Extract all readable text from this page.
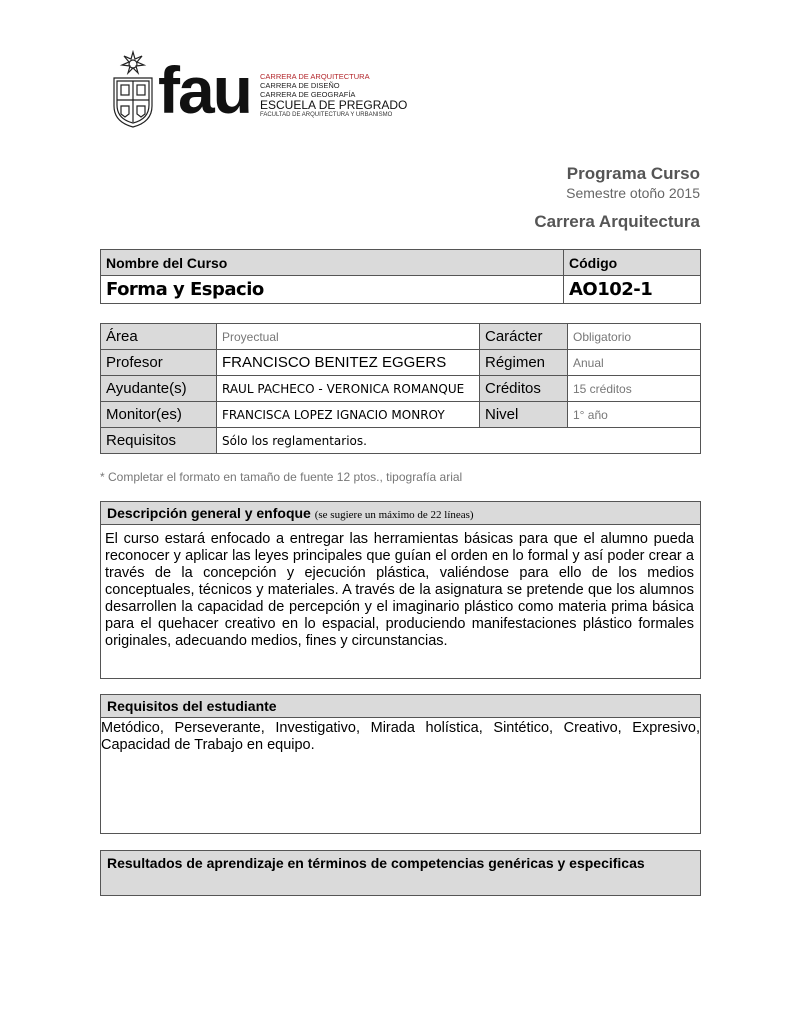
fau CARRERA DE ARQUITECTURA
CARRERA DE DISEÑO
CARRERA DE GEOGRAFÍA
ESCUELA DE PREGRADO
FACULTAD DE ARQUITECTURA Y URBANISMO
Programa Curso
Semestre otoño 2015
Carrera Arquitectura
Nombre del Curso	Código
Forma y Espacio	AO102-1
Área	Proyectual	Carácter	Obligatorio
Profesor	FRANCISCO BENITEZ EGGERS	Régimen	Anual
Ayudante(s)	RAUL PACHECO - VERONICA ROMANQUE	Créditos	15 créditos
Monitor(es)	FRANCISCA LOPEZ IGNACIO MONROY	Nivel	1° año
Requisitos	Sólo los reglamentarios.		
* Completar el formato en tamaño de fuente 12 ptos., tipografía arial
Descripción general y enfoque (se sugiere un máximo de 22 líneas)
El curso estará enfocado a entregar las herramientas básicas para que el alumno pueda reconocer y aplicar las leyes principales que guían el orden en lo formal y así poder crear a través de la concepción y ejecución plástica, valiéndose para ello de los medios conceptuales, técnicos y materiales. A través de la asignatura se pretende que los alumnos desarrollen la capacidad de percepción y el imaginario plástico como materia prima básica para el quehacer creativo en lo espacial, produciendo manifestaciones plástico formales originales, adecuando medios, fines y circunstancias.
Requisitos del estudiante
Metódico, Perseverante, Investigativo, Mirada holística, Sintético, Creativo, Expresivo, Capacidad de Trabajo en equipo.
Resultados de aprendizaje en términos de competencias genéricas y especificas
